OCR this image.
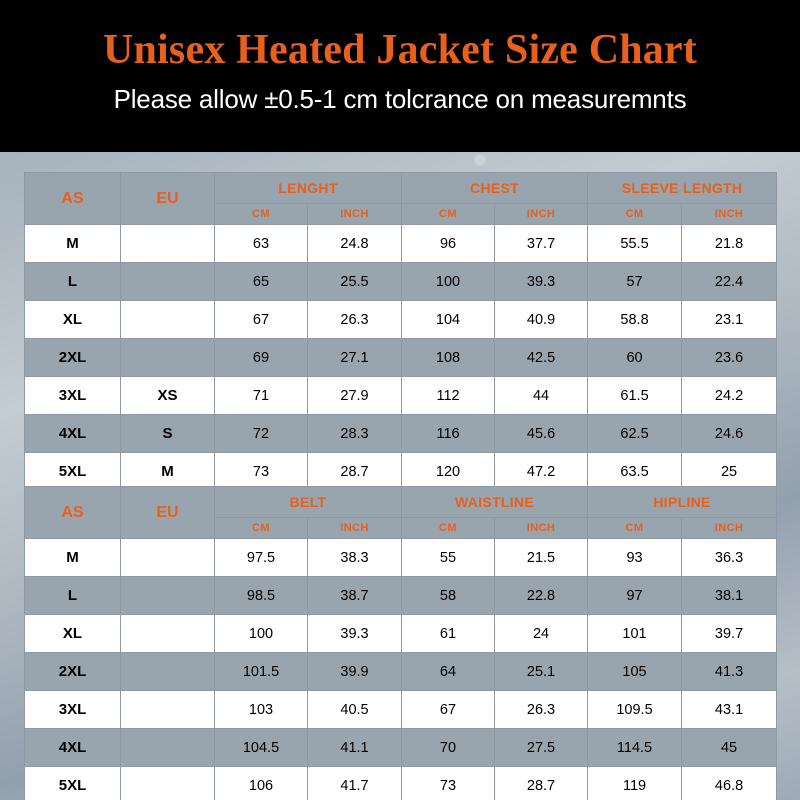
Unisex Heated Jacket Size Chart

Please allow ±0.5-1 cm tolcrance on measuremnts

AS	EU	LENGHT		CHEST		SLEEVE LENGTH	
		CM	INCH	CM	INCH	CM	INCH
M		63	24.8	96	37.7	55.5	21.8
L		65	25.5	100	39.3	57	22.4
XL		67	26.3	104	40.9	58.8	23.1
2XL		69	27.1	108	42.5	60	23.6
3XL	XS	71	27.9	112	44	61.5	24.2
4XL	S	72	28.3	116	45.6	62.5	24.6
5XL	M	73	28.7	120	47.2	63.5	25
AS	EU	BELT		WAISTLINE		HIPLINE	
		CM	INCH	CM	INCH	CM	INCH
M		97.5	38.3	55	21.5	93	36.3
L		98.5	38.7	58	22.8	97	38.1
XL		100	39.3	61	24	101	39.7
2XL		101.5	39.9	64	25.1	105	41.3
3XL		103	40.5	67	26.3	109.5	43.1
4XL		104.5	41.1	70	27.5	114.5	45
5XL		106	41.7	73	28.7	119	46.8
